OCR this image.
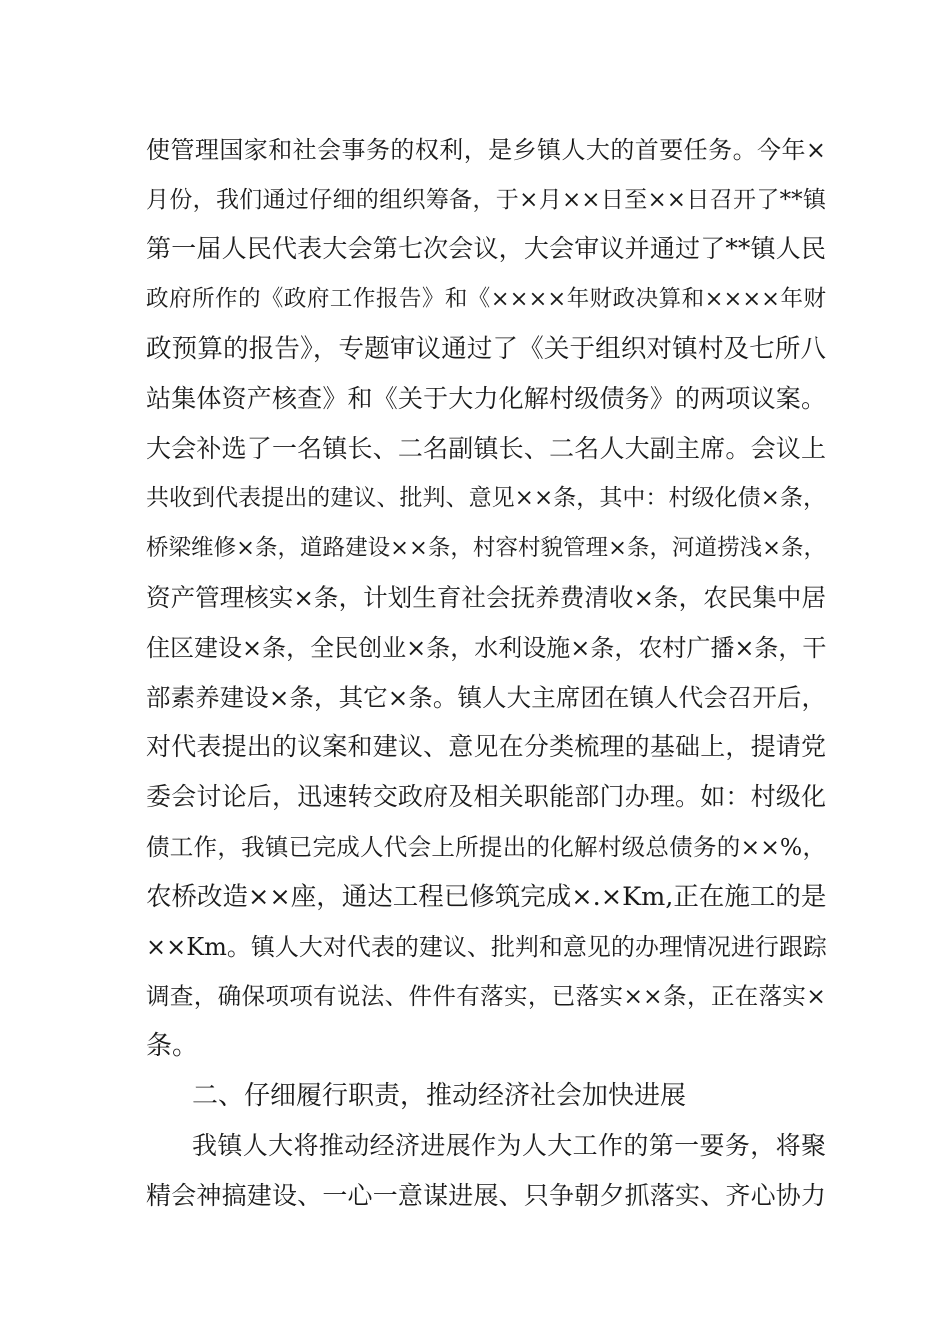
使管理国家和社会事务的权利，是乡镇人大的首要任务。今年×
月份，我们通过仔细的组织筹备，于×月××日至××日召开了**镇
第一届人民代表大会第七次会议，大会审议并通过了**镇人民
政府所作的《政府工作报告》和《××××年财政决算和××××年财
政预算的报告》，专题审议通过了《关于组织对镇村及七所八
站集体资产核查》和《关于大力化解村级债务》的两项议案。
大会补选了一名镇长、二名副镇长、二名人大副主席。会议上
共收到代表提出的建议、批判、意见××条，其中：村级化债×条，
桥梁维修×条，道路建设××条，村容村貌管理×条，河道捞浅×条，
资产管理核实×条，计划生育社会抚养费清收×条，农民集中居
住区建设×条，全民创业×条，水利设施×条，农村广播×条，干
部素养建设×条，其它×条。镇人大主席团在镇人代会召开后，
对代表提出的议案和建议、意见在分类梳理的基础上，提请党
委会讨论后，迅速转交政府及相关职能部门办理。如：村级化
债工作，我镇已完成人代会上所提出的化解村级总债务的××%，
农桥改造××座，通达工程已修筑完成×.×Km,正在施工的是
××Km。镇人大对代表的建议、批判和意见的办理情况进行跟踪
调查，确保项项有说法、件件有落实，已落实××条，正在落实×
条。
二、仔细履行职责，推动经济社会加快进展
我镇人大将推动经济进展作为人大工作的第一要务，将聚
精会神搞建设、一心一意谋进展、只争朝夕抓落实、齐心协力
